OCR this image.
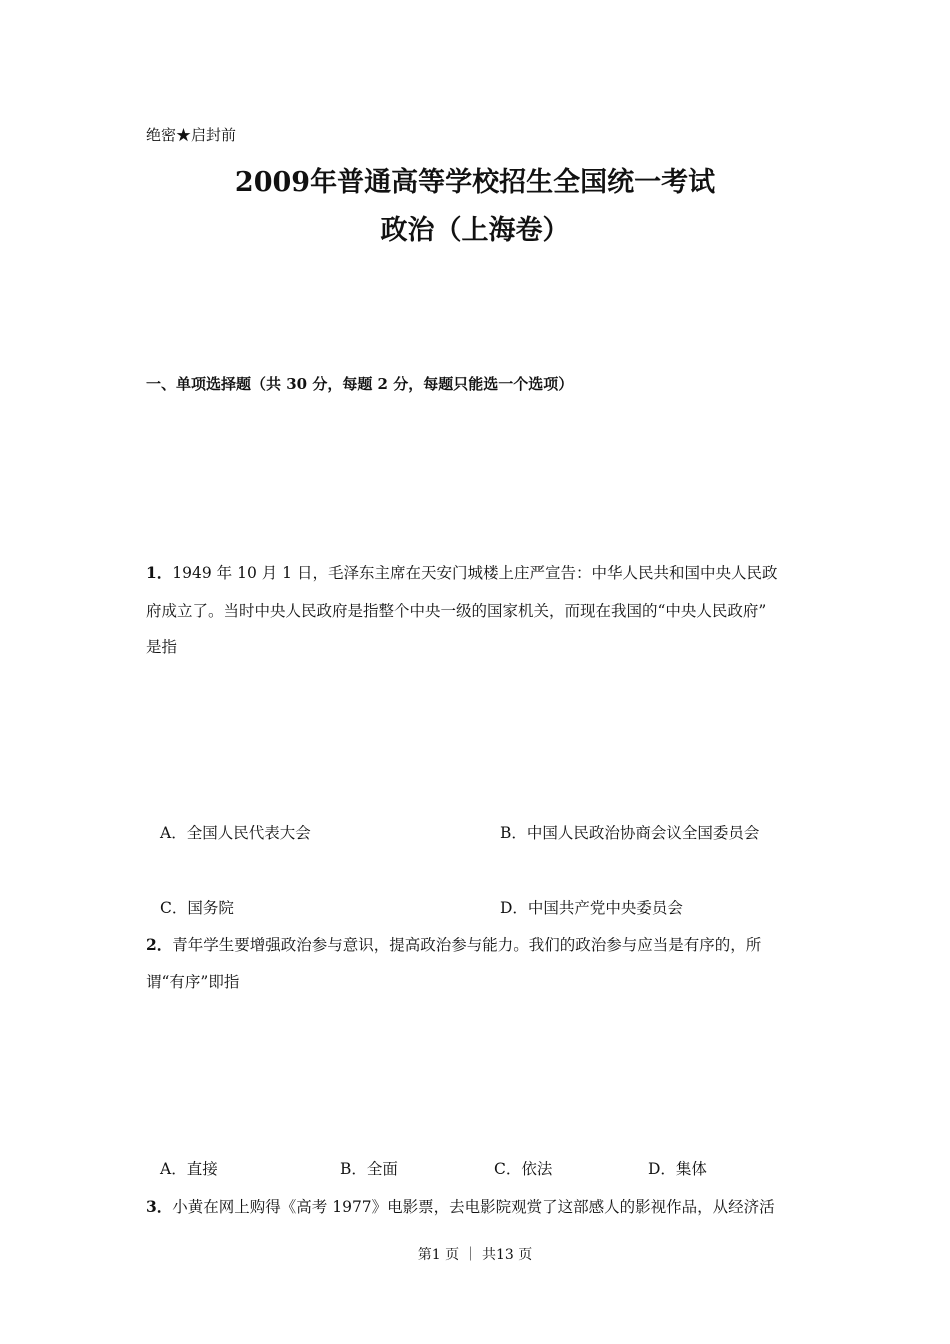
绝密★启封前
2009年普通高等学校招生全国统一考试
政治（上海卷）
一、单项选择题（共 30 分，每题 2 分，每题只能选一个选项）
1．1949 年 10 月 1 日，毛泽东主席在天安门城楼上庄严宣告：中华人民共和国中央人民政
府成立了。当时中央人民政府是指整个中央一级的国家机关，而现在我国的“中央人民政府”
是指
A．全国人民代表大会	B．中国人民政治协商会议全国委员会
C．国务院	D．中国共产党中央委员会
2．青年学生要增强政治参与意识，提高政治参与能力。我们的政治参与应当是有序的，所
谓“有序”即指
A．直接	B．全面	C．依法	D．集体
3．小黄在网上购得《高考 1977》电影票，去电影院观赏了这部感人的影视作品，从经济活
第1 页 ｜ 共13 页
